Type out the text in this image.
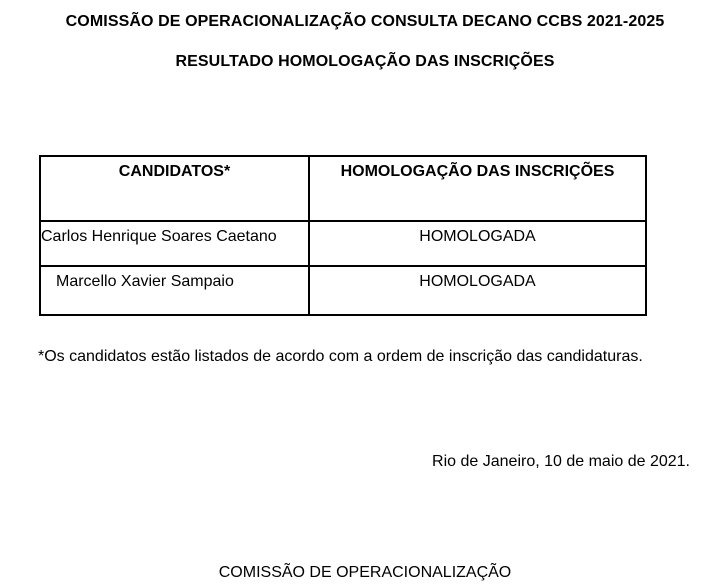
COMISSÃO DE OPERACIONALIZAÇÃO CONSULTA DECANO CCBS 2021-2025
RESULTADO HOMOLOGAÇÃO DAS INSCRIÇÕES
CANDIDATOS*	HOMOLOGAÇÃO DAS INSCRIÇÕES
Carlos Henrique Soares Caetano	HOMOLOGADA
Marcello Xavier Sampaio	HOMOLOGADA
*Os candidatos estão listados de acordo com a ordem de inscrição das candidaturas.
Rio de Janeiro, 10 de maio de 2021.
COMISSÃO DE OPERACIONALIZAÇÃO
